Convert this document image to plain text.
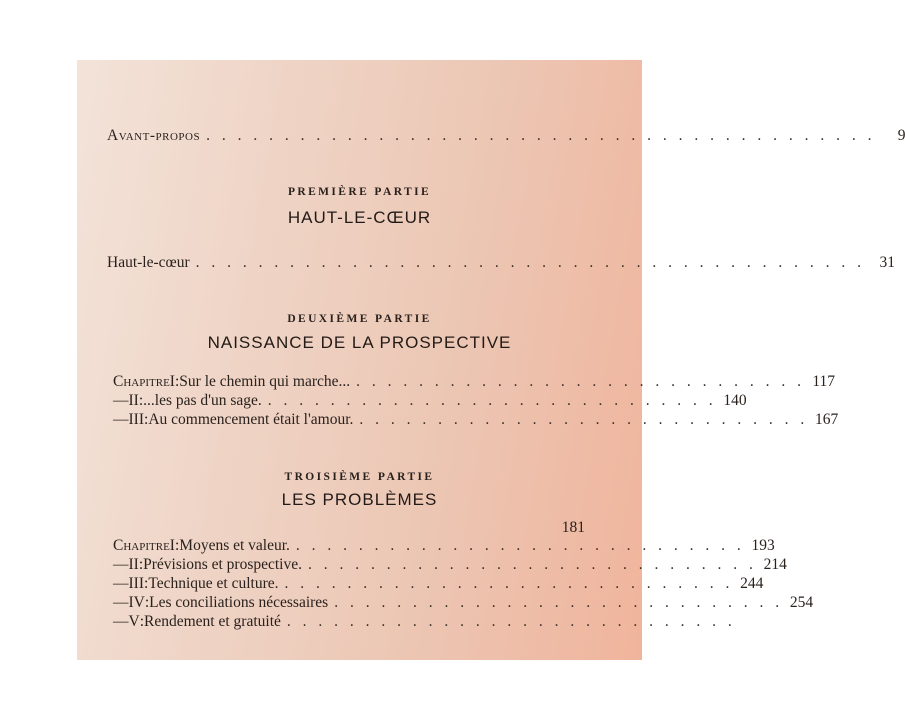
Avant-propos . . . . . . . . . . . . . . . . . . . . . . . . . . . . . . . . . . . . . . . . . . .	9
PREMIÈRE PARTIE
HAUT-LE-CŒUR
Haut-le-cœur . . . . . . . . . . . . . . . . . . . . . . . . . . . . . . . . . . . . . . . . . . . 31
DEUXIÈME PARTIE
NAISSANCE DE LA PROSPECTIVE
Chapitre I : Sur le chemin qui marche... . . . . . . . . . . . . . . . . . . . . . . . . . . . . . 117
— II : ...les pas d'un sage. . . . . . . . . . . . . . . . . . . . . . . . . . . . . . 140
— III : Au commencement était l'amour. . . . . . . . . . . . . . . . . . . . . . . . . . . . . . 167
TROISIÈME PARTIE
LES PROBLÈMES
181
Chapitre I : Moyens et valeur. . . . . . . . . . . . . . . . . . . . . . . . . . . . . . 193
— II : Prévisions et prospective. . . . . . . . . . . . . . . . . . . . . . . . . . . . . . 214
— III : Technique et culture. . . . . . . . . . . . . . . . . . . . . . . . . . . . . . 244
— IV : Les conciliations nécessaires . . . . . . . . . . . . . . . . . . . . . . . . . . . . . 254
— V : Rendement et gratuité . . . . . . . . . . . . . . . . . . . . . . . . . . . . .
